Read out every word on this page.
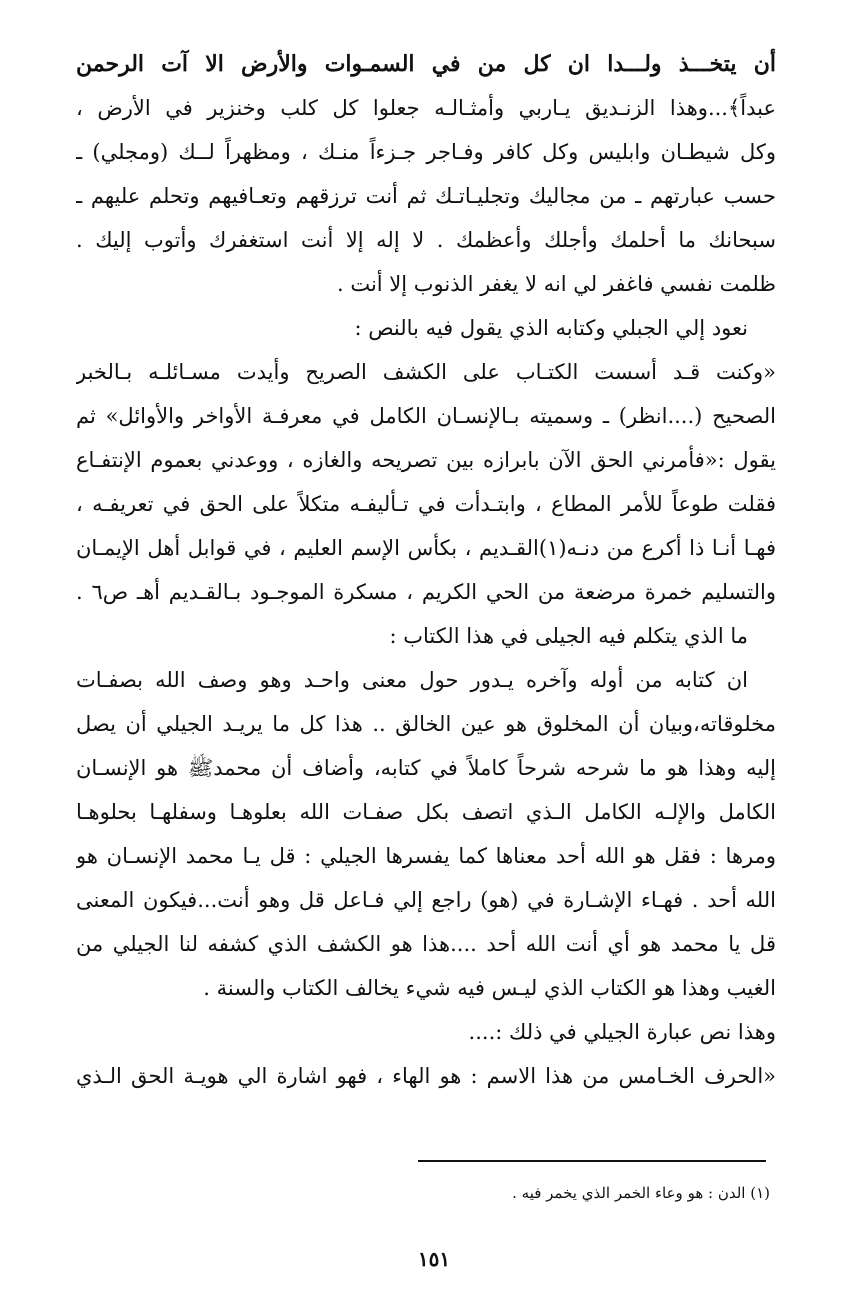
أن يتخـــذ ولـــدا ان كل من في السمـوات والأرض الا آت الرحمن
عبداً﴾...وهذا الزنـديق يـاربي وأمثـالـه جعلوا كل كلب وخنزير في الأرض ،
وكل شيطـان وابليس وكل كافر وفـاجر جـزءاً منـك ، ومظهراً لــك (ومجلي) ـ
حسب عبارتهم ـ من مجاليك وتجليـاتـك ثم أنت ترزقهم وتعـافيهم وتحلم عليهم ـ
سبحانك ما أحلمك وأجلك وأعظمك . لا إله إلا أنت استغفرك وأتوب إليك .
ظلمت نفسي فاغفر لي انه لا يغفر الذنوب إلا أنت .
نعود إلي الجبلي وكتابه الذي يقول فيه بالنص :
«وكنت قـد أسست الكتـاب على الكشف الصريح وأيدت مسـائلـه بـالخبر
الصحيح (....انظر) ـ وسميته بـالإنسـان الكامل في معرفـة الأواخر والأوائل» ثم
يقول :«فأمرني الحق الآن بابرازه بين تصريحه والغازه ، ووعدني بعموم الإنتفـاع
فقلت طوعاً للأمر المطاع ، وابتـدأت في تـأليفـه متكلاً على الحق في تعريفـه ،
فهـا أنـا ذا أكرع من دنـه(١)القـديم ، بكأس الإسم العليم ، في قوابل أهل الإيمـان
والتسليم خمرة مرضعة من الحي الكريم ، مسكرة الموجـود بـالقـديم أهـ ص٦ .
ما الذي يتكلم فيه الجيلى في هذا الكتاب :
ان كتابه من أوله وآخره يـدور حول معنى واحـد وهو وصف الله بصفـات
مخلوقاته،وبيان أن المخلوق هو عين الخالق .. هذا كل ما يريـد الجيلي أن يصل
إليه وهذا هو ما شرحه شرحاً كاملاً في كتابه، وأضاف أن محمدﷺ هو الإنسـان
الكامل والإلـه الكامل الـذي اتصف بكل صفـات الله بعلوهـا وسفلهـا بحلوهـا
ومرها : فقل هو الله أحد معناها كما يفسرها الجيلي : قل يـا محمد الإنسـان هو
الله أحد . فهـاء الإشـارة في (هو) راجع إلي فـاعل قل وهو أنت...فيكون المعنى
قل يا محمد هو أي أنت الله أحد ....هذا هو الكشف الذي كشفه لنا الجيلي من
الغيب وهذا هو الكتاب الذي ليـس فيه شيء يخالف الكتاب والسنة .
وهذا نص عبارة الجيلي في ذلك :....
«الحرف الخـامس من هذا الاسم : هو الهاء ، فهو اشارة الي هويـة الحق الـذي
(١) الدن : هو وعاء الخمر الذي يخمر فيه .
١٥١
